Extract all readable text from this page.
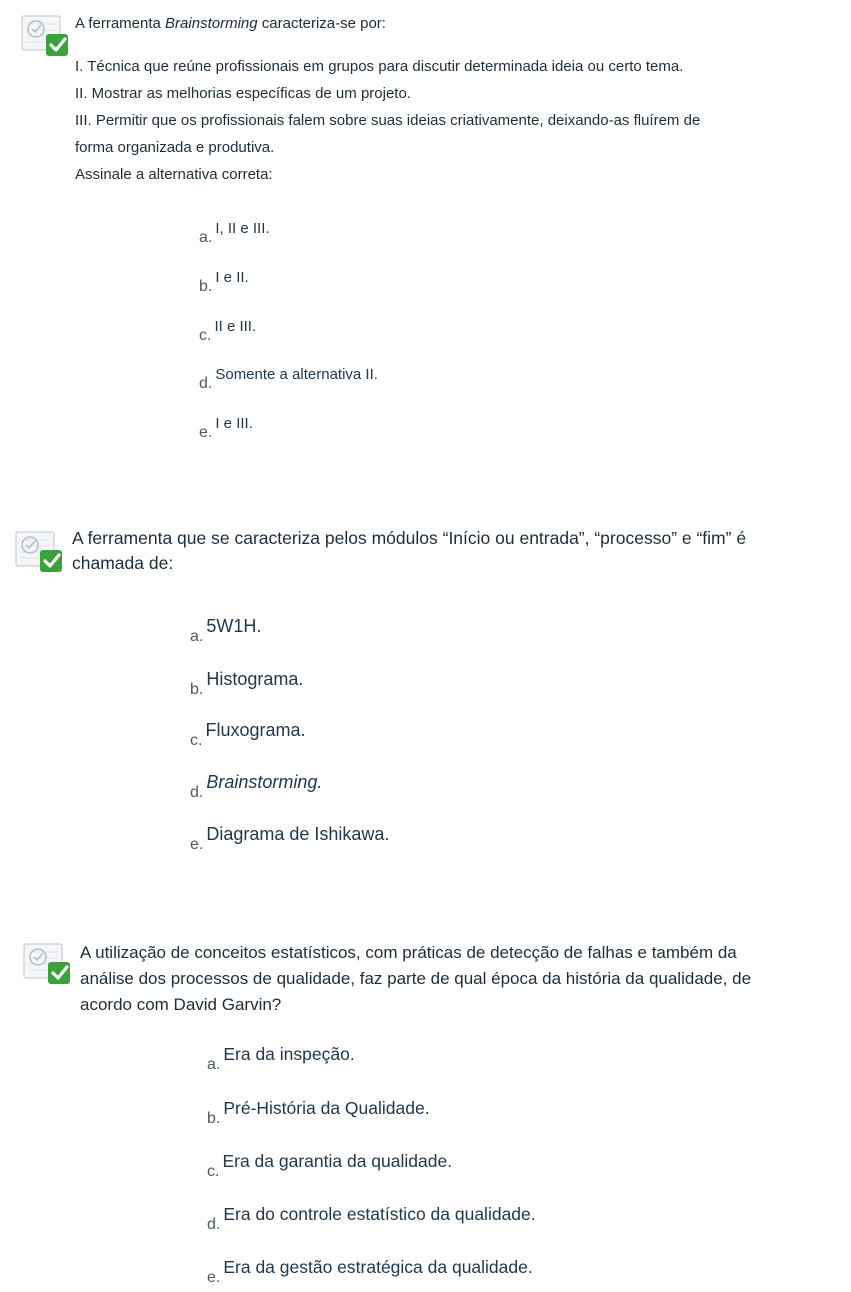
A ferramenta Brainstorming caracteriza-se por:
I. Técnica que reúne profissionais em grupos para discutir determinada ideia ou certo tema.
II. Mostrar as melhorias específicas de um projeto.
III. Permitir que os profissionais falem sobre suas ideias criativamente, deixando-as fluírem de
forma organizada e produtiva.
Assinale a alternativa correta:
a.I, II e III.
b.I e II.
c.II e III.
d.Somente a alternativa II.
e.I e III.
A ferramenta que se caracteriza pelos módulos “Início ou entrada”, “processo” e “fim” é
chamada de:
a.5W1H.
b.Histograma.
c.Fluxograma.
d.Brainstorming.
e.Diagrama de Ishikawa.
A utilização de conceitos estatísticos, com práticas de detecção de falhas e também da
análise dos processos de qualidade, faz parte de qual época da história da qualidade, de
acordo com David Garvin?
a.Era da inspeção.
b.Pré-História da Qualidade.
c.Era da garantia da qualidade.
d.Era do controle estatístico da qualidade.
e.Era da gestão estratégica da qualidade.
